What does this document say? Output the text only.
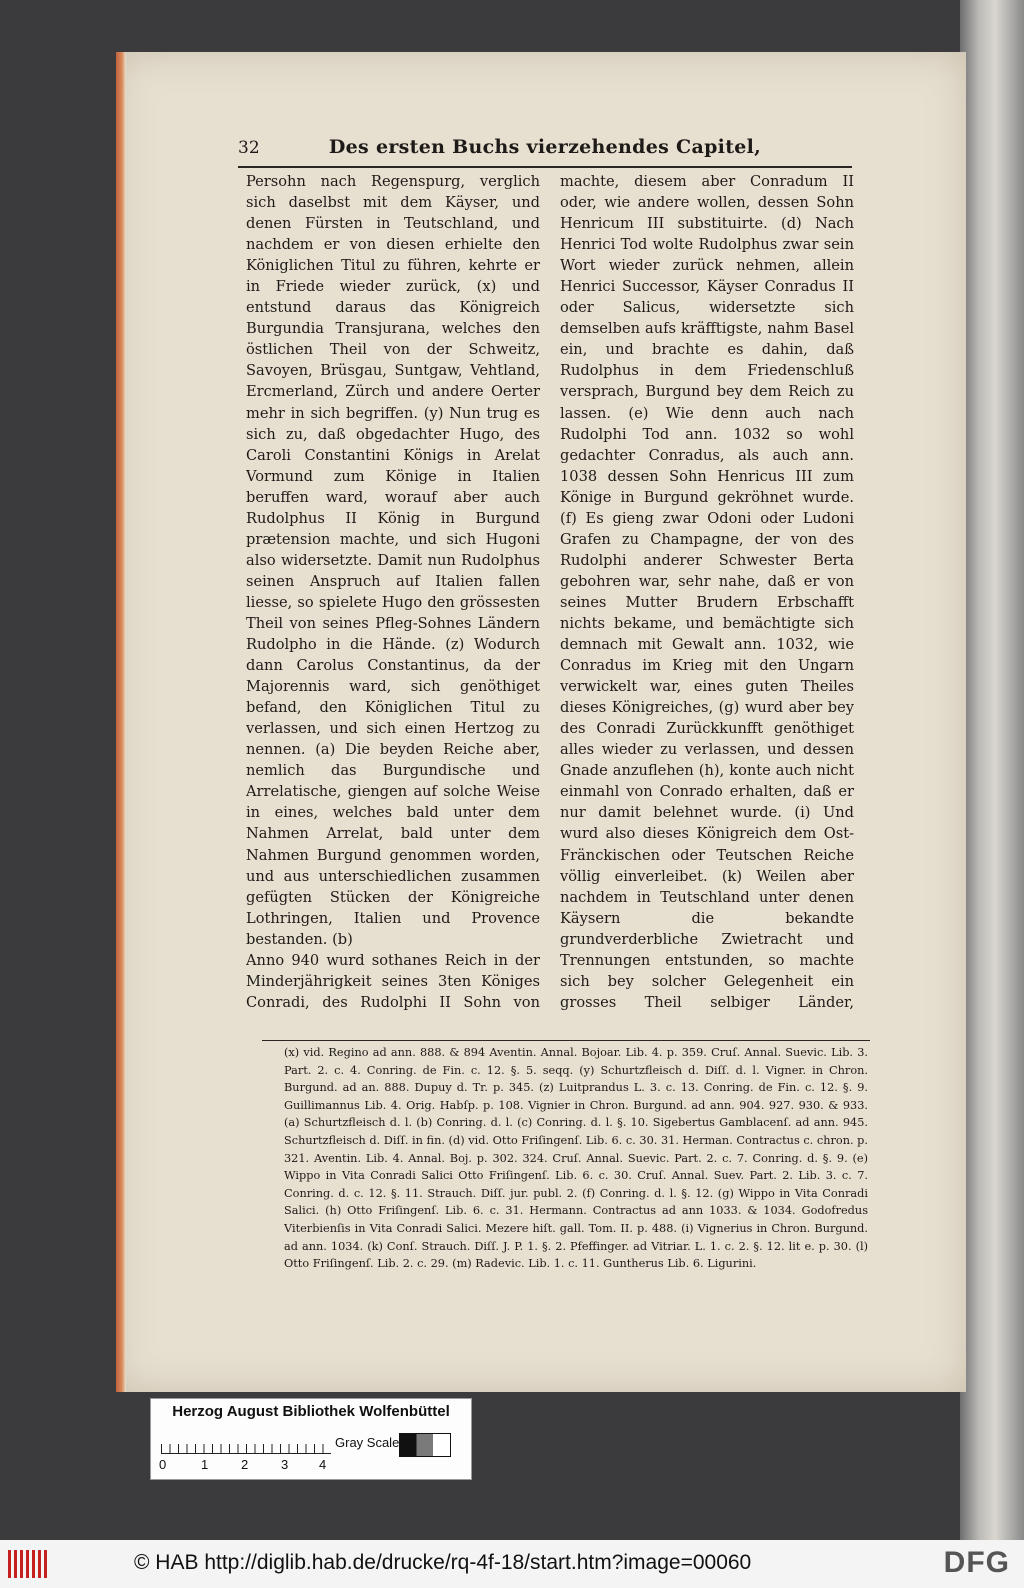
32	Des ersten Buchs vierzehendes Capitel,

Persohn nach Regenspurg, verglich sich daselbst mit dem Käyser, und denen Fürsten in Teutschland, und nachdem er von diesen erhielte den Königlichen Titul zu führen, kehrte er in Friede wieder zurück, (x) und entstund daraus das Königreich Burgundia Transjurana, welches den östlichen Theil von der Schweitz, Savoyen, Brüsgau, Suntgaw, Vehtland, Ercmerland, Zürch und andere Oerter mehr in sich begriffen. (y) Nun trug es sich zu, daß obgedachter Hugo, des Caroli Constantini Königs in Arelat Vormund zum Könige in Italien beruffen ward, worauf aber auch Rudolphus II König in Burgund prætension machte, und sich Hugoni also widersetzte. Damit nun Rudolphus seinen Anspruch auf Italien fallen liesse, so spielete Hugo den grössesten Theil von seines Pfleg-Sohnes Ländern Rudolpho in die Hände. (z) Wodurch dann Carolus Constantinus, da der Majorennis ward, sich genöthiget befand, den Königlichen Titul zu verlassen, und sich einen Hertzog zu nennen. (a) Die beyden Reiche aber, nemlich das Burgundische und Arrelatische, giengen auf solche Weise in eines, welches bald unter dem Nahmen Arrelat, bald unter dem Nahmen Burgund genommen worden, und aus unterschiedlichen zusammen gefügten Stücken der Königreiche Lothringen, Italien und Provence bestanden. (b)
Anno 940 wurd sothanes Reich in der Minderjährigkeit seines 3ten Königes Conradi, des Rudolphi II Sohn von

machte, diesem aber Conradum II oder, wie andere wollen, dessen Sohn Henricum III substituirte. (d) Nach Henrici Tod wolte Rudolphus zwar sein Wort wieder zurück nehmen, allein Henrici Successor, Käyser Conradus II oder Salicus, widersetzte sich demselben aufs kräfftigste, nahm Basel ein, und brachte es dahin, daß Rudolphus in dem Friedenschluß versprach, Burgund bey dem Reich zu lassen. (e) Wie denn auch nach Rudolphi Tod ann. 1032 so wohl gedachter Conradus, als auch ann. 1038 dessen Sohn Henricus III zum Könige in Burgund gekröhnet wurde. (f) Es gieng zwar Odoni oder Ludoni Grafen zu Champagne, der von des Rudolphi anderer Schwester Berta gebohren war, sehr nahe, daß er von seines Mutter Brudern Erbschafft nichts bekame, und bemächtigte sich demnach mit Gewalt ann. 1032, wie Conradus im Krieg mit den Ungarn verwickelt war, eines guten Theiles dieses Königreiches, (g) wurd aber bey des Conradi Zurückkunfft genöthiget alles wieder zu verlassen, und dessen Gnade anzuflehen (h), konte auch nicht einmahl von Conrado erhalten, daß er nur damit belehnet wurde. (i) Und wurd also dieses Königreich dem Ost-Fränckischen oder Teutschen Reiche völlig einverleibet. (k) Weilen aber nachdem in Teutschland unter denen Käysern die bekandte grundverderbliche Zwietracht und Trennungen entstunden, so machte sich bey solcher Gelegenheit ein grosses Theil selbiger Länder,

(x) vid. Regino ad ann. 888. & 894 Aventin. Annal. Bojoar. Lib. 4. p. 359. Cruſ. Annal. Suevic. Lib. 3. Part. 2. c. 4. Conring. de Fin. c. 12. §. 5. seqq. (y) Schurtzfleisch d. Diſſ. d. l. Vigner. in Chron. Burgund. ad an. 888. Dupuy d. Tr. p. 345. (z) Luitprandus L. 3. c. 13. Conring. de Fin. c. 12. §. 9. Guillimannus Lib. 4. Orig. Habſp. p. 108. Vignier in Chron. Burgund. ad ann. 904. 927. 930. & 933. (a) Schurtzfleisch d. l. (b) Conring. d. l. (c) Conring. d. l. §. 10. Sigebertus Gamblacenſ. ad ann. 945. Schurtzfleisch d. Diſſ. in fin. (d) vid. Otto Friſingenſ. Lib. 6. c. 30. 31. Herman. Contractus c. chron. p. 321. Aventin. Lib. 4. Annal. Boj. p. 302. 324. Cruſ. Annal. Suevic. Part. 2. c. 7. Conring. d. §. 9. (e) Wippo in Vita Conradi Salici Otto Friſingenſ. Lib. 6. c. 30. Cruſ. Annal. Suev. Part. 2. Lib. 3. c. 7. Conring. d. c. 12. §. 11. Strauch. Diſſ. jur. publ. 2. (f) Conring. d. l. §. 12. (g) Wippo in Vita Conradi Salici. (h) Otto Friſingenſ. Lib. 6. c. 31. Hermann. Contractus ad ann 1033. & 1034. Godofredus Viterbienſis in Vita Conradi Salici. Mezere hiſt. gall. Tom. II. p. 488. (i) Vignerius in Chron. Burgund. ad ann. 1034. (k) Conſ. Strauch. Diſſ. J. P. 1. §. 2. Pfeffinger. ad Vitriar. L. 1. c. 2. §. 12. lit e. p. 30. (l) Otto Friſingenſ. Lib. 2. c. 29. (m) Radevic. Lib. 1. c. 11. Guntherus Lib. 6. Ligurini.

Herzog August Bibliothek Wolfenbüttel
0	1	2	3 4
Gray Scale
© HAB http://diglib.hab.de/drucke/rq-4f-18/start.htm?image=00060	DFG
